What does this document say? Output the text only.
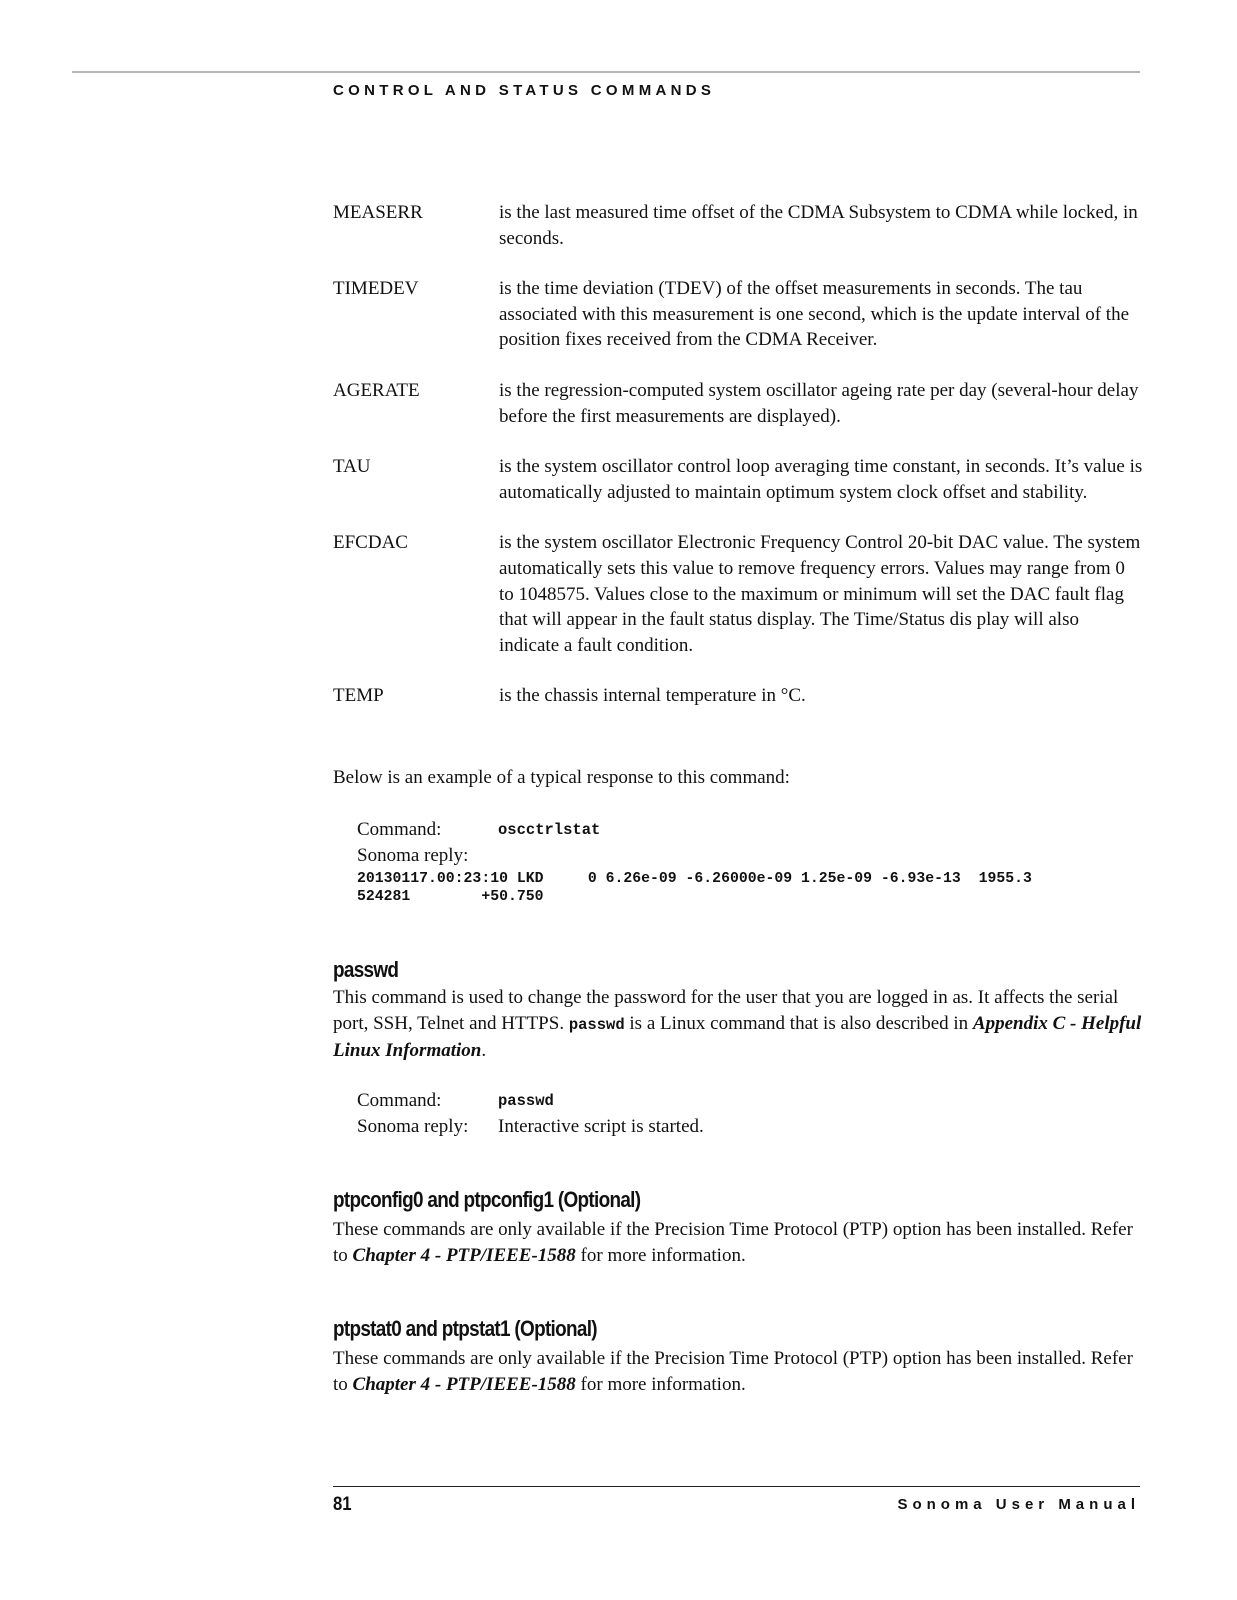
CONTROL AND STATUS COMMANDS
MEASERR	is the last measured time offset of the CDMA Subsystem to CDMA while locked, in seconds.
TIMEDEV	is the time deviation (TDEV) of the offset measurements in seconds. The tau associated with this measurement is one second, which is the update interval of the position fixes received from the CDMA Receiver.
AGERATE	is the regression-computed system oscillator ageing rate per day (several-hour delay before the first measurements are displayed).
TAU	is the system oscillator control loop averaging time constant, in seconds. It’s value is automatically adjusted to maintain optimum system clock offset and stability.
EFCDAC	is the system oscillator Electronic Frequency Control 20-bit DAC value. The system automatically sets this value to remove frequency errors. Values may range from 0 to 1048575. Values close to the maximum or minimum will set the DAC fault flag that will appear in the fault status display. The Time/Status dis play will also indicate a fault condition.
TEMP	is the chassis internal temperature in °C.
Below is an example of a typical response to this command:
Command:	oscctrlstat
Sonoma reply:
20130117.00:23:10 LKD     0 6.26e-09 -6.26000e-09 1.25e-09 -6.93e-13  1955.3
524281        +50.750
passwd
This command is used to change the password for the user that you are logged in as. It affects the serial port, SSH, Telnet and HTTPS. passwd is a Linux command that is also described in Appendix C - Helpful Linux Information.
Command:	passwd
Sonoma reply:	Interactive script is started.
ptpconfig0 and ptpconfig1 (Optional)
These commands are only available if the Precision Time Protocol (PTP) option has been installed. Refer to Chapter 4 - PTP/IEEE-1588 for more information.
ptpstat0 and ptpstat1 (Optional)
These commands are only available if the Precision Time Protocol (PTP) option has been installed. Refer to Chapter 4 - PTP/IEEE-1588 for more information.
81	Sonoma User Manual
